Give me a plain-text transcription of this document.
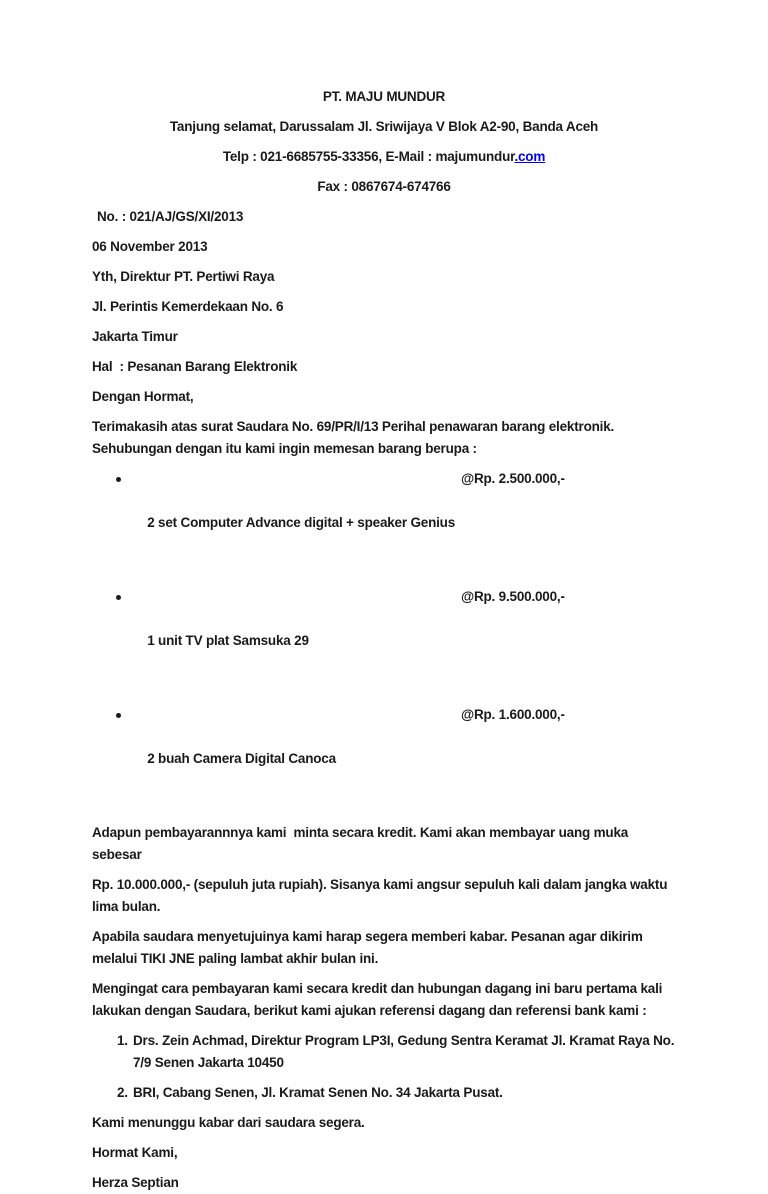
PT. MAJU MUNDUR
Tanjung selamat, Darussalam Jl. Sriwijaya V Blok A2-90, Banda Aceh
Telp : 021-6685755-33356, E-Mail : majumundur.com
Fax : 0867674-674766

No. : 021/AJ/GS/XI/2013

06 November 2013

Yth, Direktur PT. Pertiwi Raya

Jl. Perintis Kemerdekaan No. 6

Jakarta Timur

Hal  : Pesanan Barang Elektronik

Dengan Hormat,

Terimakasih atas surat Saudara No. 69/PR/I/13 Perihal penawaran barang elektronik. Sehubungan dengan itu kami ingin memesan barang berupa :

2 set Computer Advance digital + speaker Genius

@Rp. 2.500.000,-

1 unit TV plat Samsuka 29

@Rp. 9.500.000,-

2 buah Camera Digital Canoca

@Rp. 1.600.000,-

Adapun pembayarannnya kami  minta secara kredit. Kami akan membayar uang muka sebesar

Rp. 10.000.000,- (sepuluh juta rupiah). Sisanya kami angsur sepuluh kali dalam jangka waktu lima bulan.

Apabila saudara menyetujuinya kami harap segera memberi kabar. Pesanan agar dikirim melalui TIKI JNE paling lambat akhir bulan ini.

Mengingat cara pembayaran kami secara kredit dan hubungan dagang ini baru pertama kali lakukan dengan Saudara, berikut kami ajukan referensi dagang dan referensi bank kami :

1. Drs. Zein Achmad, Direktur Program LP3I, Gedung Sentra Keramat Jl. Kramat Raya No. 7/9 Senen Jakarta 10450
2. BRI, Cabang Senen, Jl. Kramat Senen No. 34 Jakarta Pusat.

Kami menunggu kabar dari saudara segera.

Hormat Kami,

Herza Septian
